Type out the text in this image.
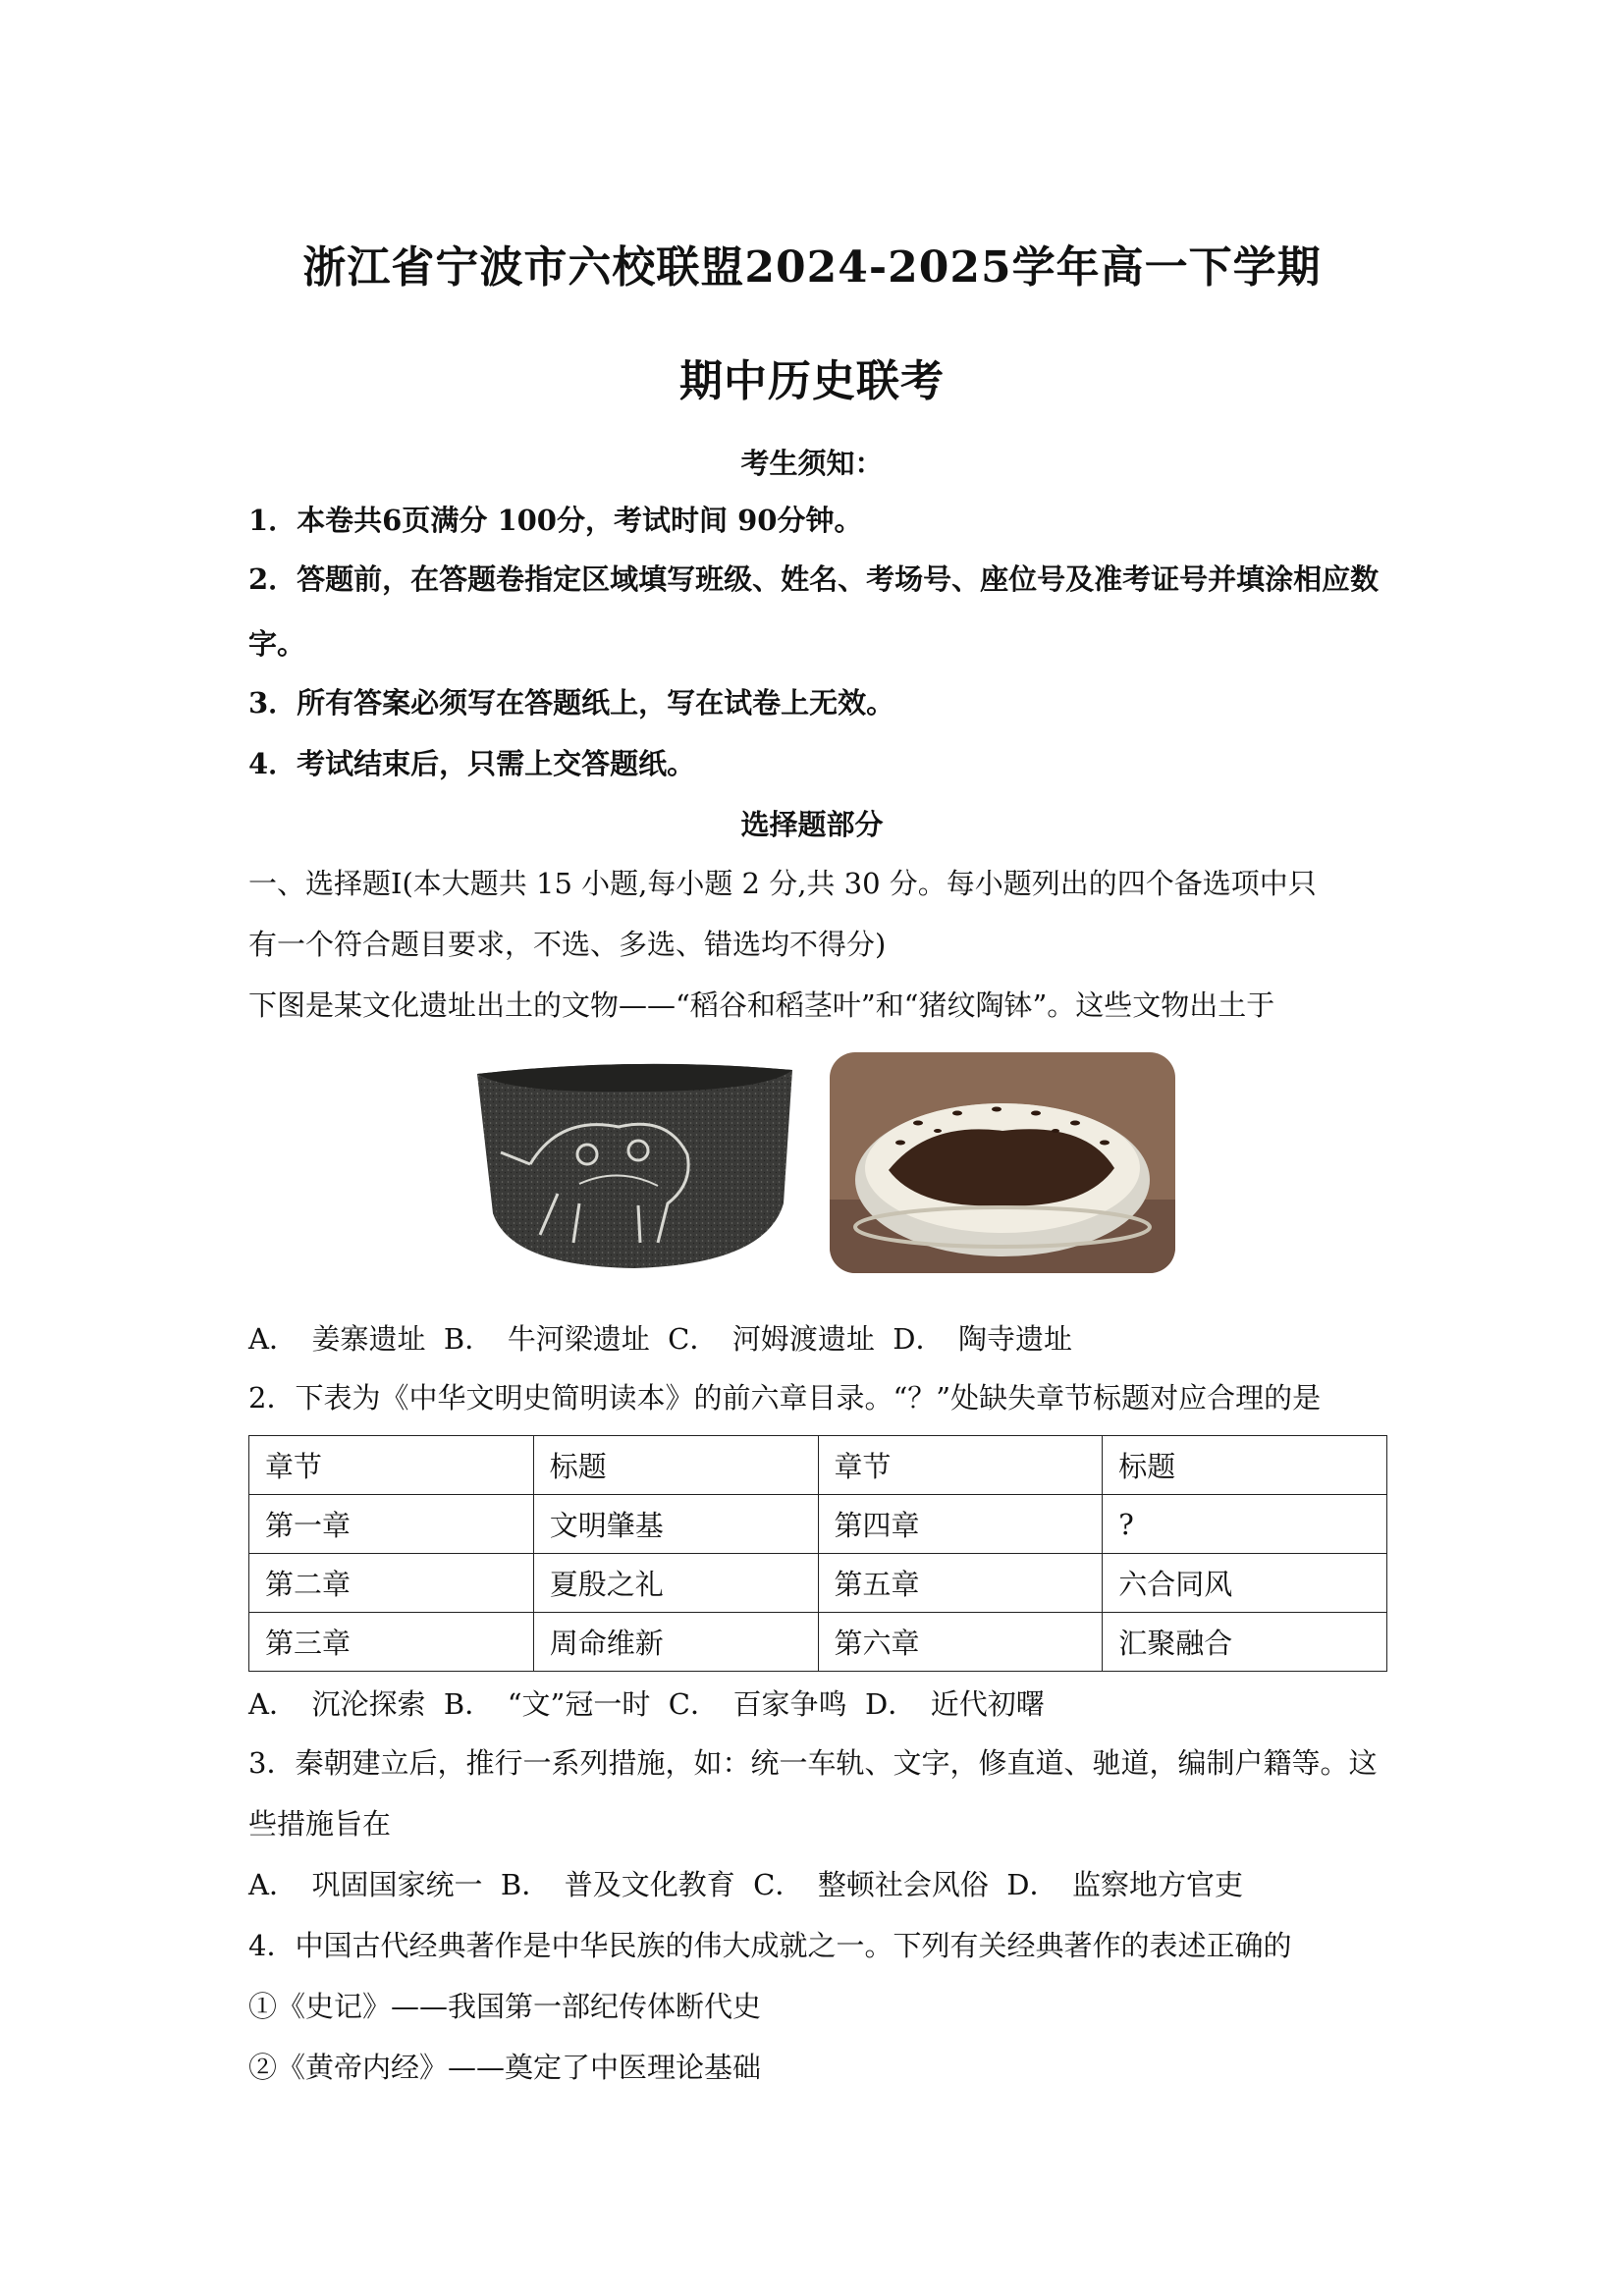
浙江省宁波市六校联盟2024-2025学年高一下学期
期中历史联考
考生须知：
1．本卷共6页满分 100分，考试时间 90分钟。
2．答题前，在答题卷指定区域填写班级、姓名、考场号、座位号及准考证号并填涂相应数
字。
3．所有答案必须写在答题纸上，写在试卷上无效。
4．考试结束后，只需上交答题纸。
选择题部分
一、选择题Ⅰ(本大题共 15 小题,每小题 2 分,共 30 分。每小题列出的四个备选项中只
有一个符合题目要求，不选、多选、错选均不得分)
下图是某文化遗址出土的文物——“稻谷和稻茎叶”和“猪纹陶钵”。这些文物出土于
A．　姜寨遗址 B．　牛河梁遗址 C．　河姆渡遗址 D．　陶寺遗址
2．下表为《中华文明史简明读本》的前六章目录。“？”处缺失章节标题对应合理的是
章节	标题	章节	标题
第一章	文明肇基	第四章	?
第二章	夏殷之礼	第五章	六合同风
第三章	周命维新	第六章	汇聚融合
A．　沉沦探索 B．　“文”冠一时 C．　百家争鸣 D．　近代初曙
3．秦朝建立后，推行一系列措施，如：统一车轨、文字，修直道、驰道，编制户籍等。这
些措施旨在
A．　巩固国家统一 B．　普及文化教育 C．　整顿社会风俗 D．　监察地方官吏
4．中国古代经典著作是中华民族的伟大成就之一。下列有关经典著作的表述正确的
①《史记》——我国第一部纪传体断代史
②《黄帝内经》——奠定了中医理论基础
